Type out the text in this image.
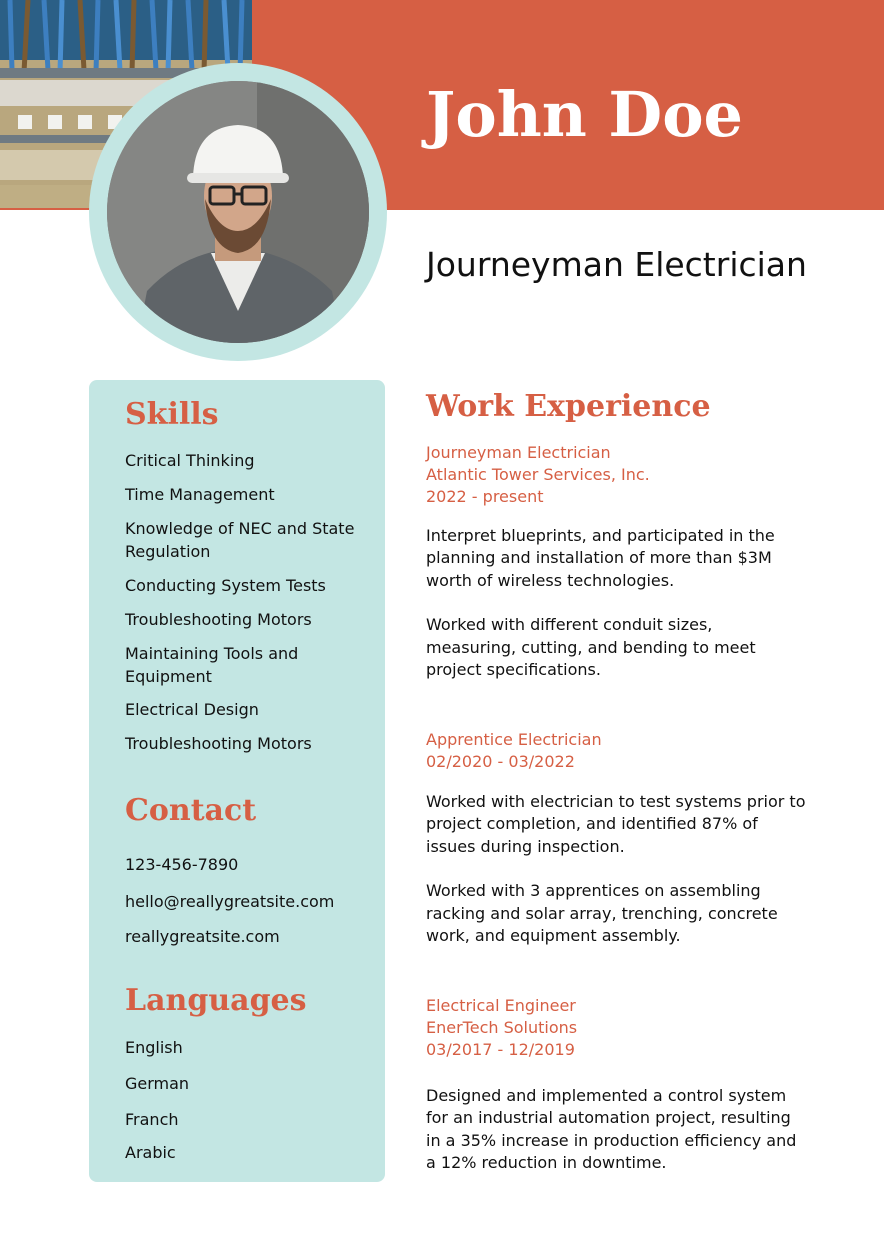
John Doe
Journeyman Electrician
Skills
Critical Thinking
Time Management
Knowledge of NEC and State Regulation
Conducting System Tests
Troubleshooting Motors
Maintaining Tools and Equipment
Electrical Design
Troubleshooting Motors
Contact
123-456-7890
hello@reallygreatsite.com
reallygreatsite.com
Languages
English
German
Franch
Arabic
Work Experience
Journeyman Electrician
Atlantic Tower Services, Inc.
2022 - present

Interpret blueprints, and participated in the planning and installation of more than $3M worth of wireless technologies.

Worked with different conduit sizes, measuring, cutting, and bending to meet project specifications.

Apprentice Electrician
02/2020 - 03/2022

Worked with electrician to test systems prior to project completion, and identified 87% of issues during inspection.

Worked with 3 apprentices on assembling racking and solar array, trenching, concrete work, and equipment assembly.

Electrical Engineer
EnerTech Solutions
03/2017 - 12/2019

Designed and implemented a control system for an industrial automation project, resulting in a 35% increase in production efficiency and a 12% reduction in downtime.
